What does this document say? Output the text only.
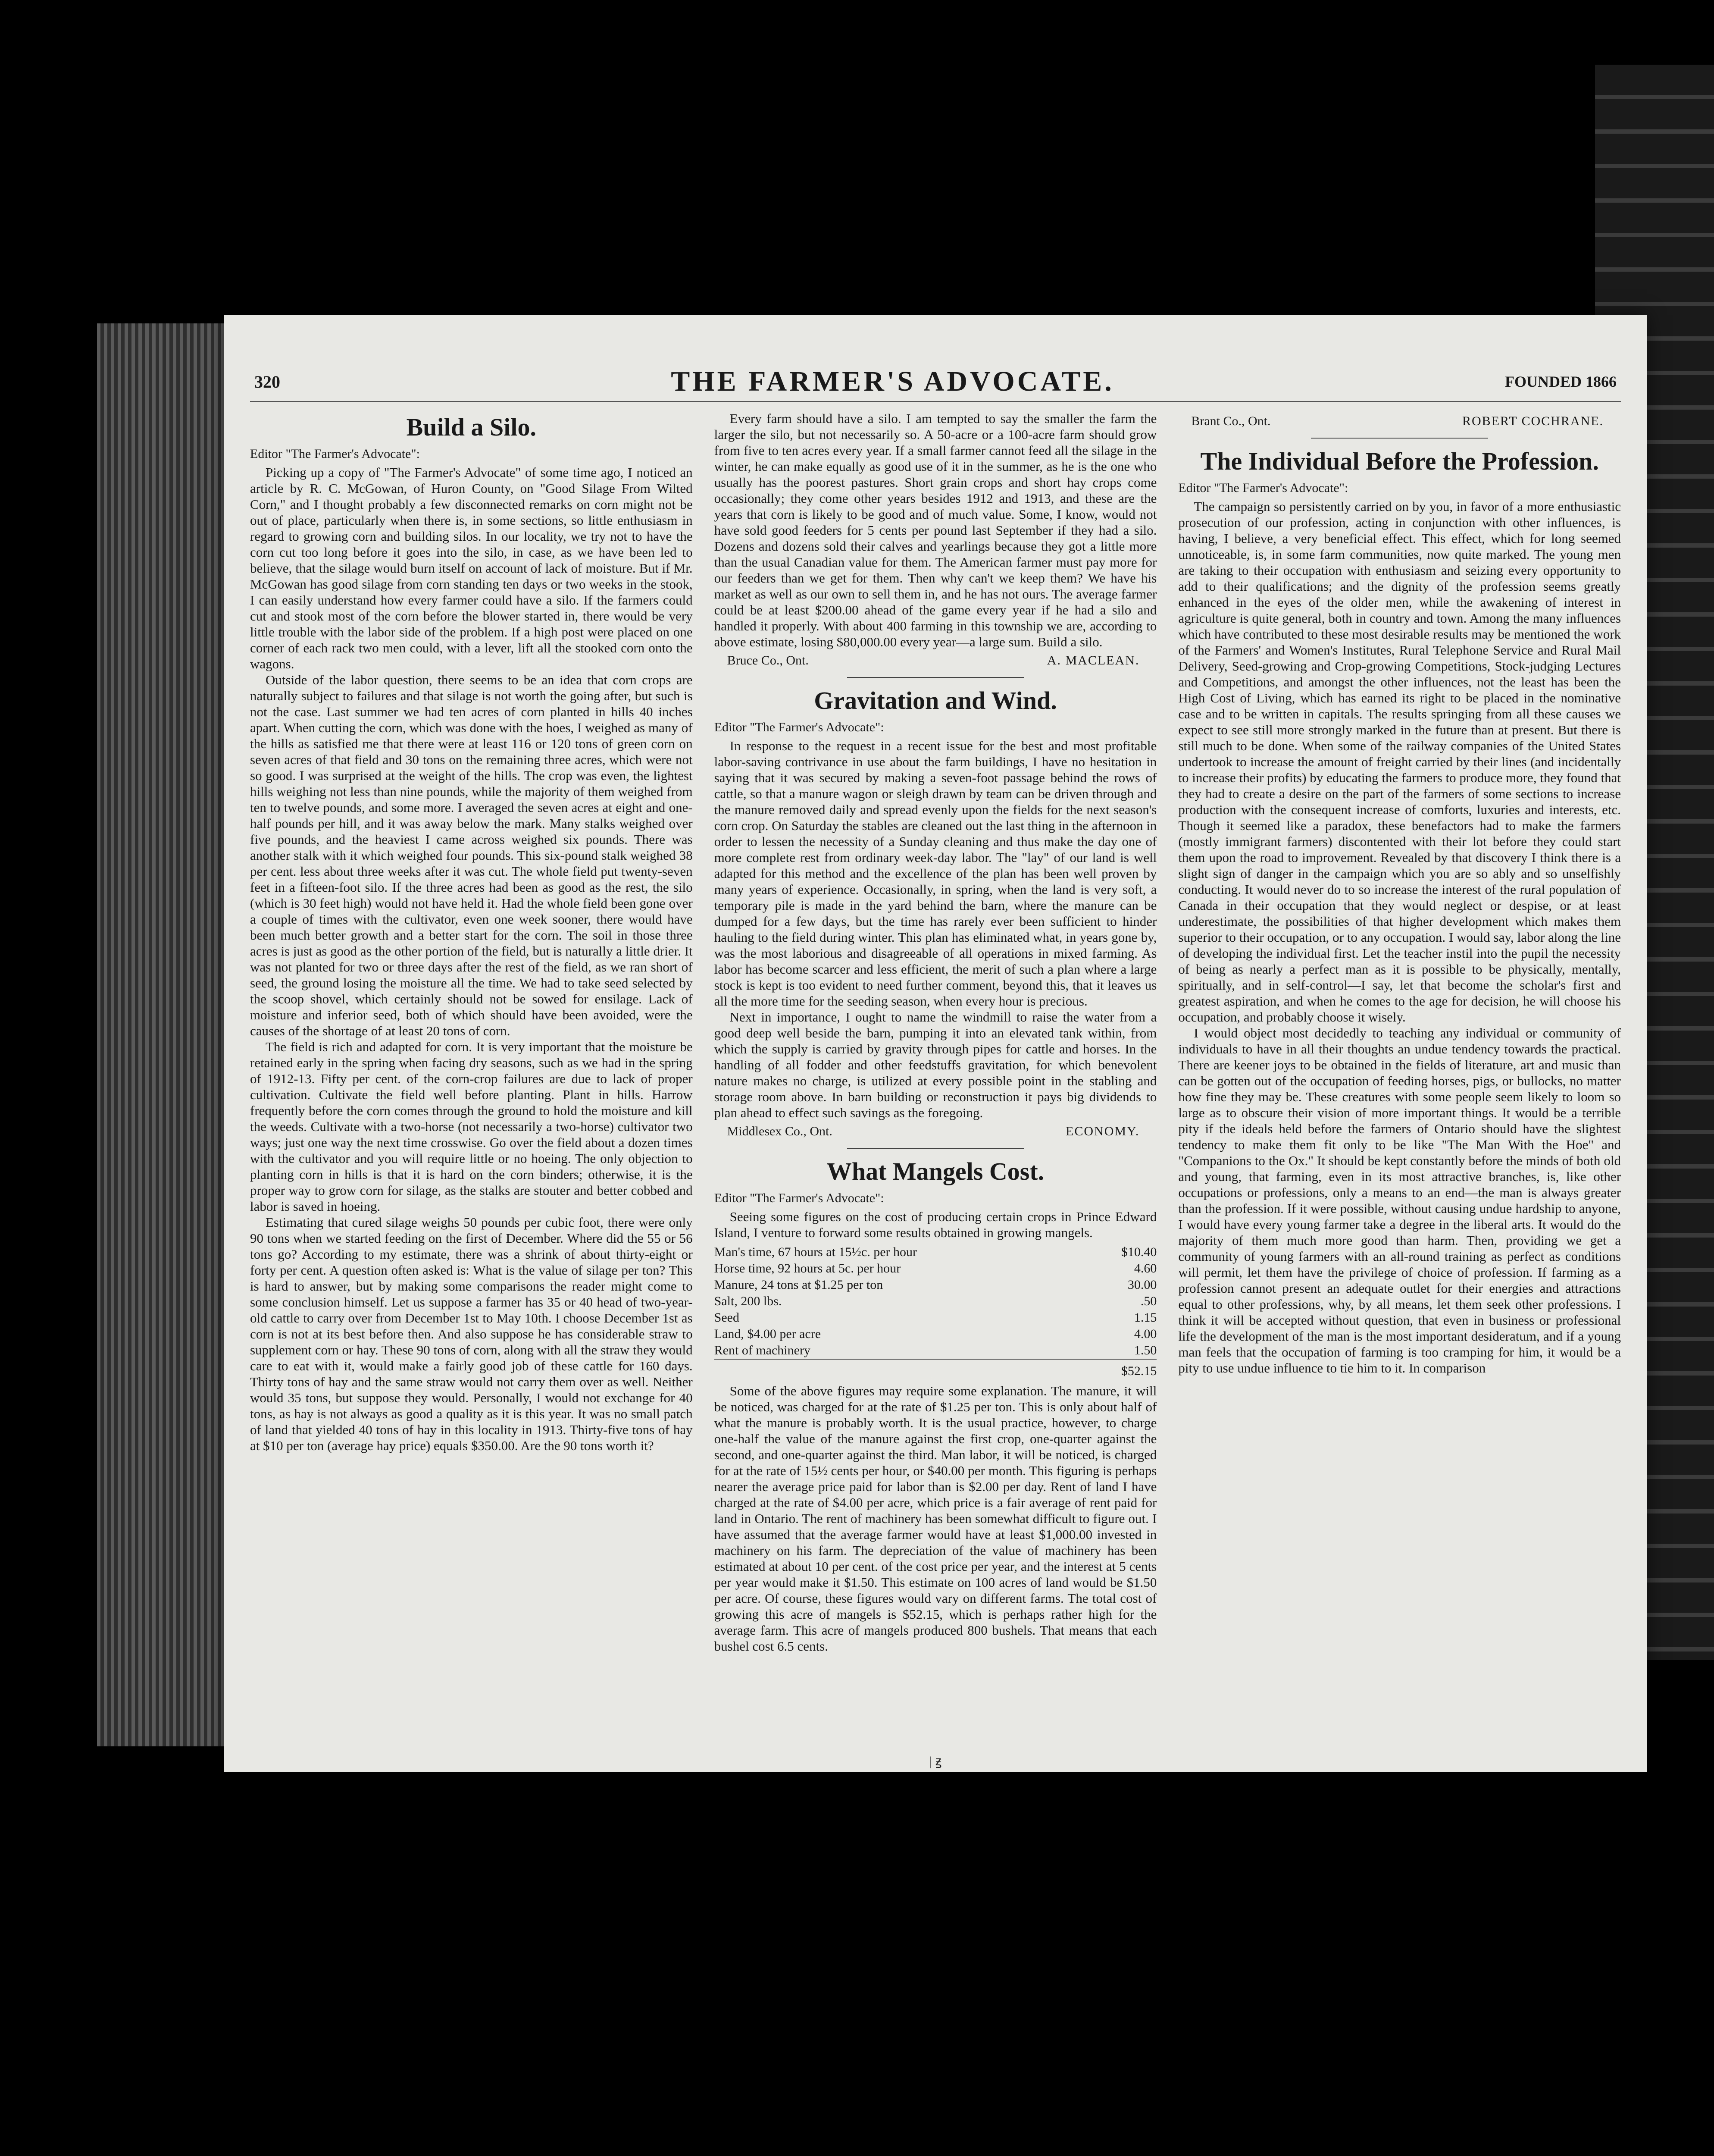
320	THE FARMER'S ADVOCATE.	FOUNDED 1866
Build a Silo.
Editor "The Farmer's Advocate":

Picking up a copy of "The Farmer's Advocate" of some time ago, I noticed an article by R. C. McGowan, of Huron County, on "Good Silage From Wilted Corn," and I thought probably a few disconnected remarks on corn might not be out of place, particularly when there is, in some sections, so little enthusiasm in regard to growing corn and building silos. In our locality, we try not to have the corn cut too long before it goes into the silo, in case, as we have been led to believe, that the silage would burn itself on account of lack of moisture. But if Mr. McGowan has good silage from corn standing ten days or two weeks in the stook, I can easily understand how every farmer could have a silo. If the farmers could cut and stook most of the corn before the blower started in, there would be very little trouble with the labor side of the problem. If a high post were placed on one corner of each rack two men could, with a lever, lift all the stooked corn onto the wagons.

Outside of the labor question, there seems to be an idea that corn crops are naturally subject to failures and that silage is not worth the going after, but such is not the case. Last summer we had ten acres of corn planted in hills 40 inches apart. When cutting the corn, which was done with the hoes, I weighed as many of the hills as satisfied me that there were at least 116 or 120 tons of green corn on seven acres of that field and 30 tons on the remaining three acres, which were not so good. I was surprised at the weight of the hills. The crop was even, the lightest hills weighing not less than nine pounds, while the majority of them weighed from ten to twelve pounds, and some more. I averaged the seven acres at eight and one-half pounds per hill, and it was away below the mark. Many stalks weighed over five pounds, and the heaviest I came across weighed six pounds. There was another stalk with it which weighed four pounds. This six-pound stalk weighed 38 per cent. less about three weeks after it was cut. The whole field put twenty-seven feet in a fifteen-foot silo. If the three acres had been as good as the rest, the silo (which is 30 feet high) would not have held it. Had the whole field been gone over a couple of times with the cultivator, even one week sooner, there would have been much better growth and a better start for the corn. The soil in those three acres is just as good as the other portion of the field, but is naturally a little drier. It was not planted for two or three days after the rest of the field, as we ran short of seed, the ground losing the moisture all the time. We had to take seed selected by the scoop shovel, which certainly should not be sowed for ensilage. Lack of moisture and inferior seed, both of which should have been avoided, were the causes of the shortage of at least 20 tons of corn.

The field is rich and adapted for corn. It is very important that the moisture be retained early in the spring when facing dry seasons, such as we had in the spring of 1912-13. Fifty per cent. of the corn-crop failures are due to lack of proper cultivation. Cultivate the field well before planting. Plant in hills. Harrow frequently before the corn comes through the ground to hold the moisture and kill the weeds. Cultivate with a two-horse (not necessarily a two-horse) cultivator two ways; just one way the next time crosswise. Go over the field about a dozen times with the cultivator and you will require little or no hoeing. The only objection to planting corn in hills is that it is hard on the corn binders; otherwise, it is the proper way to grow corn for silage, as the stalks are stouter and better cobbed and labor is saved in hoeing.

Estimating that cured silage weighs 50 pounds per cubic foot, there were only 90 tons when we started feeding on the first of December. Where did the 55 or 56 tons go? According to my estimate, there was a shrink of about thirty-eight or forty per cent. A question often asked is: What is the value of silage per ton? This is hard to answer, but by making some comparisons the reader might come to some conclusion himself. Let us suppose a farmer has 35 or 40 head of two-year-old cattle to carry over from December 1st to May 10th. I choose December 1st as corn is not at its best before then. And also suppose he has considerable straw to supplement corn or hay. These 90 tons of corn, along with all the straw they would care to eat with it, would make a fairly good job of these cattle for 160 days. Thirty tons of hay and the same straw would not carry them over as well. Neither would 35 tons, but suppose they would. Personally, I would not exchange for 40 tons, as hay is not always as good a quality as it is this year. It was no small patch of land that yielded 40 tons of hay in this locality in 1913. Thirty-five tons of hay at $10 per ton (average hay price) equals $350.00. Are the 90 tons worth it?

Every farm should have a silo. I am tempted to say the smaller the farm the larger the silo, but not necessarily so. A 50-acre or a 100-acre farm should grow from five to ten acres every year. If a small farmer cannot feed all the silage in the winter, he can make equally as good use of it in the summer, as he is the one who usually has the poorest pastures. Short grain crops and short hay crops come occasionally; they come other years besides 1912 and 1913, and these are the years that corn is likely to be good and of much value. Some, I know, would not have sold good feeders for 5 cents per pound last September if they had a silo. Dozens and dozens sold their calves and yearlings because they got a little more than the usual Canadian value for them. The American farmer must pay more for our feeders than we get for them. Then why can't we keep them? We have his market as well as our own to sell them in, and he has not ours. The average farmer could be at least $200.00 ahead of the game every year if he had a silo and handled it properly. With about 400 farming in this township we are, according to above estimate, losing $80,000.00 every year—a large sum. Build a silo.

Bruce Co., Ont.	A. MACLEAN.
Gravitation and Wind.
Editor "The Farmer's Advocate":

In response to the request in a recent issue for the best and most profitable labor-saving contrivance in use about the farm buildings, I have no hesitation in saying that it was secured by making a seven-foot passage behind the rows of cattle, so that a manure wagon or sleigh drawn by team can be driven through and the manure removed daily and spread evenly upon the fields for the next season's corn crop. On Saturday the stables are cleaned out the last thing in the afternoon in order to lessen the necessity of a Sunday cleaning and thus make the day one of more complete rest from ordinary week-day labor. The "lay" of our land is well adapted for this method and the excellence of the plan has been well proven by many years of experience. Occasionally, in spring, when the land is very soft, a temporary pile is made in the yard behind the barn, where the manure can be dumped for a few days, but the time has rarely ever been sufficient to hinder hauling to the field during winter. This plan has eliminated what, in years gone by, was the most laborious and disagreeable of all operations in mixed farming. As labor has become scarcer and less efficient, the merit of such a plan where a large stock is kept is too evident to need further comment, beyond this, that it leaves us all the more time for the seeding season, when every hour is precious.

Next in importance, I ought to name the windmill to raise the water from a good deep well beside the barn, pumping it into an elevated tank within, from which the supply is carried by gravity through pipes for cattle and horses. In the handling of all fodder and other feedstuffs gravitation, for which benevolent nature makes no charge, is utilized at every possible point in the stabling and storage room above. In barn building or reconstruction it pays big dividends to plan ahead to effect such savings as the foregoing.

Middlesex Co., Ont.	ECONOMY.
What Mangels Cost.
Editor "The Farmer's Advocate":

Seeing some figures on the cost of producing certain crops in Prince Edward Island, I venture to forward some results obtained in growing mangels.

Man's time, 67 hours at 15½c. per hour	$10.40
Horse time, 92 hours at 5c. per hour	4.60
Manure, 24 tons at $1.25 per ton	30.00
Salt, 200 lbs.	.50
Seed	1.15
Land, $4.00 per acre	4.00
Rent of machinery	1.50
	$52.15

Some of the above figures may require some explanation. The manure, it will be noticed, was charged for at the rate of $1.25 per ton. This is only about half of what the manure is probably worth. It is the usual practice, however, to charge one-half the value of the manure against the first crop, one-quarter against the second, and one-quarter against the third. Man labor, it will be noticed, is charged for at the rate of 15½ cents per hour, or $40.00 per month. This figuring is perhaps nearer the average price paid for labor than is $2.00 per day. Rent of land I have charged at the rate of $4.00 per acre, which price is a fair average of rent paid for land in Ontario. The rent of machinery has been somewhat difficult to figure out. I have assumed that the average farmer would have at least $1,000.00 invested in machinery on his farm. The depreciation of the value of machinery has been estimated at about 10 per cent. of the cost price per year, and the interest at 5 cents per year would make it $1.50. This estimate on 100 acres of land would be $1.50 per acre. Of course, these figures would vary on different farms. The total cost of growing this acre of mangels is $52.15, which is perhaps rather high for the average farm. This acre of mangels produced 800 bushels. That means that each bushel cost 6.5 cents.

Brant Co., Ont.	ROBERT COCHRANE.
The Individual Before the Profession.
Editor "The Farmer's Advocate":

The campaign so persistently carried on by you, in favor of a more enthusiastic prosecution of our profession, acting in conjunction with other influences, is having, I believe, a very beneficial effect. This effect, which for long seemed unnoticeable, is, in some farm communities, now quite marked. The young men are taking to their occupation with enthusiasm and seizing every opportunity to add to their qualifications; and the dignity of the profession seems greatly enhanced in the eyes of the older men, while the awakening of interest in agriculture is quite general, both in country and town. Among the many influences which have contributed to these most desirable results may be mentioned the work of the Farmers' and Women's Institutes, Rural Telephone Service and Rural Mail Delivery, Seed-growing and Crop-growing Competitions, Stock-judging Lectures and Competitions, and amongst the other influences, not the least has been the High Cost of Living, which has earned its right to be placed in the nominative case and to be written in capitals. The results springing from all these causes we expect to see still more strongly marked in the future than at present. But there is still much to be done. When some of the railway companies of the United States undertook to increase the amount of freight carried by their lines (and incidentally to increase their profits) by educating the farmers to produce more, they found that they had to create a desire on the part of the farmers of some sections to increase production with the consequent increase of comforts, luxuries and interests, etc. Though it seemed like a paradox, these benefactors had to make the farmers (mostly immigrant farmers) discontented with their lot before they could start them upon the road to improvement. Revealed by that discovery I think there is a slight sign of danger in the campaign which you are so ably and so unselfishly conducting. It would never do to so increase the interest of the rural population of Canada in their occupation that they would neglect or despise, or at least underestimate, the possibilities of that higher development which makes them superior to their occupation, or to any occupation. I would say, labor along the line of developing the individual first. Let the teacher instil into the pupil the necessity of being as nearly a perfect man as it is possible to be physically, mentally, spiritually, and in self-control—I say, let that become the scholar's first and greatest aspiration, and when he comes to the age for decision, he will choose his occupation, and probably choose it wisely.

I would object most decidedly to teaching any individual or community of individuals to have in all their thoughts an undue tendency towards the practical. There are keener joys to be obtained in the fields of literature, art and music than can be gotten out of the occupation of feeding horses, pigs, or bullocks, no matter how fine they may be. These creatures with some people seem likely to loom so large as to obscure their vision of more important things. It would be a terrible pity if the ideals held before the farmers of Ontario should have the slightest tendency to make them fit only to be like "The Man With the Hoe" and "Companions to the Ox." It should be kept constantly before the minds of both old and young, that farming, even in its most attractive branches, is, like other occupations or professions, only a means to an end—the man is always greater than the profession. If it were possible, without causing undue hardship to anyone, I would have every young farmer take a degree in the liberal arts. It would do the majority of them much more good than harm. Then, providing we get a community of young farmers with an all-round training as perfect as conditions will permit, let them have the privilege of choice of profession. If farming as a profession cannot present an adequate outlet for their energies and attractions equal to other professions, why, by all means, let them seek other professions. I think it will be accepted without question, that even in business or professional life the development of the man is the most important desideratum, and if a young man feels that the occupation of farming is too cramping for him, it would be a pity to use undue influence to tie him to it. In comparison

| ꙃ
